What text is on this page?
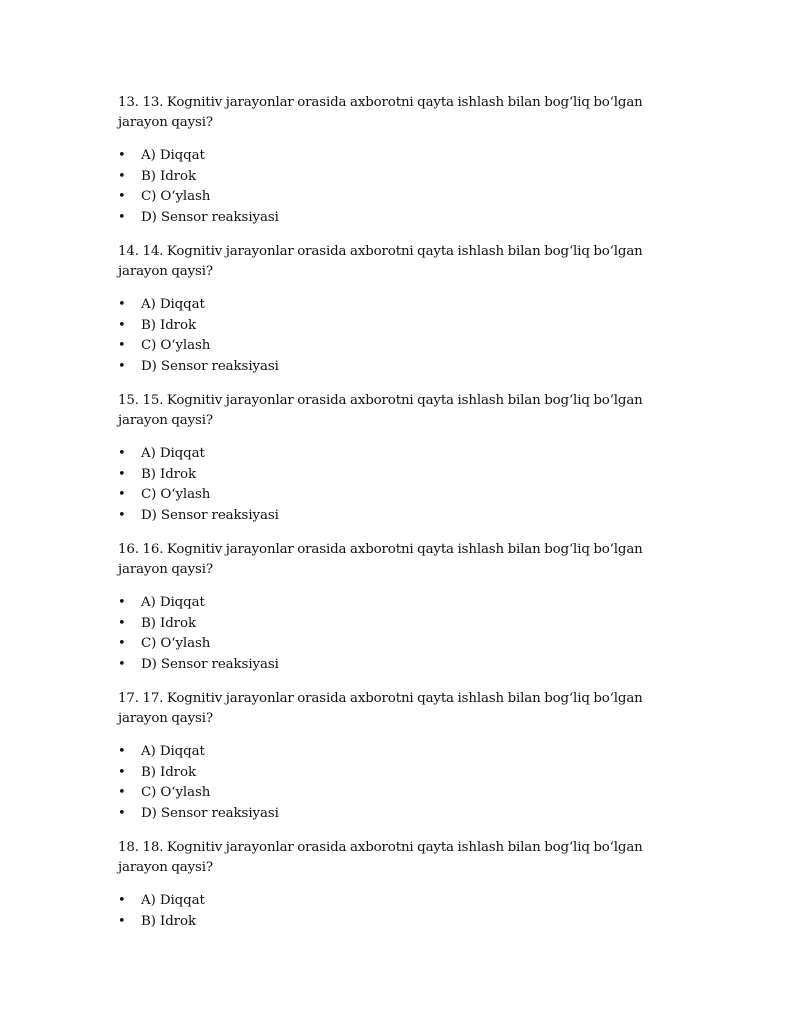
13. 13. Kognitiv jarayonlar orasida axborotni qayta ishlash bilan bog‘liq bo‘lgan jarayon qaysi?

• A) Diqqat
• B) Idrok
• C) O‘ylash
• D) Sensor reaksiyasi

14. 14. Kognitiv jarayonlar orasida axborotni qayta ishlash bilan bog‘liq bo‘lgan jarayon qaysi?

• A) Diqqat
• B) Idrok
• C) O‘ylash
• D) Sensor reaksiyasi

15. 15. Kognitiv jarayonlar orasida axborotni qayta ishlash bilan bog‘liq bo‘lgan jarayon qaysi?

• A) Diqqat
• B) Idrok
• C) O‘ylash
• D) Sensor reaksiyasi

16. 16. Kognitiv jarayonlar orasida axborotni qayta ishlash bilan bog‘liq bo‘lgan jarayon qaysi?

• A) Diqqat
• B) Idrok
• C) O‘ylash
• D) Sensor reaksiyasi

17. 17. Kognitiv jarayonlar orasida axborotni qayta ishlash bilan bog‘liq bo‘lgan jarayon qaysi?

• A) Diqqat
• B) Idrok
• C) O‘ylash
• D) Sensor reaksiyasi

18. 18. Kognitiv jarayonlar orasida axborotni qayta ishlash bilan bog‘liq bo‘lgan jarayon qaysi?

• A) Diqqat
• B) Idrok
